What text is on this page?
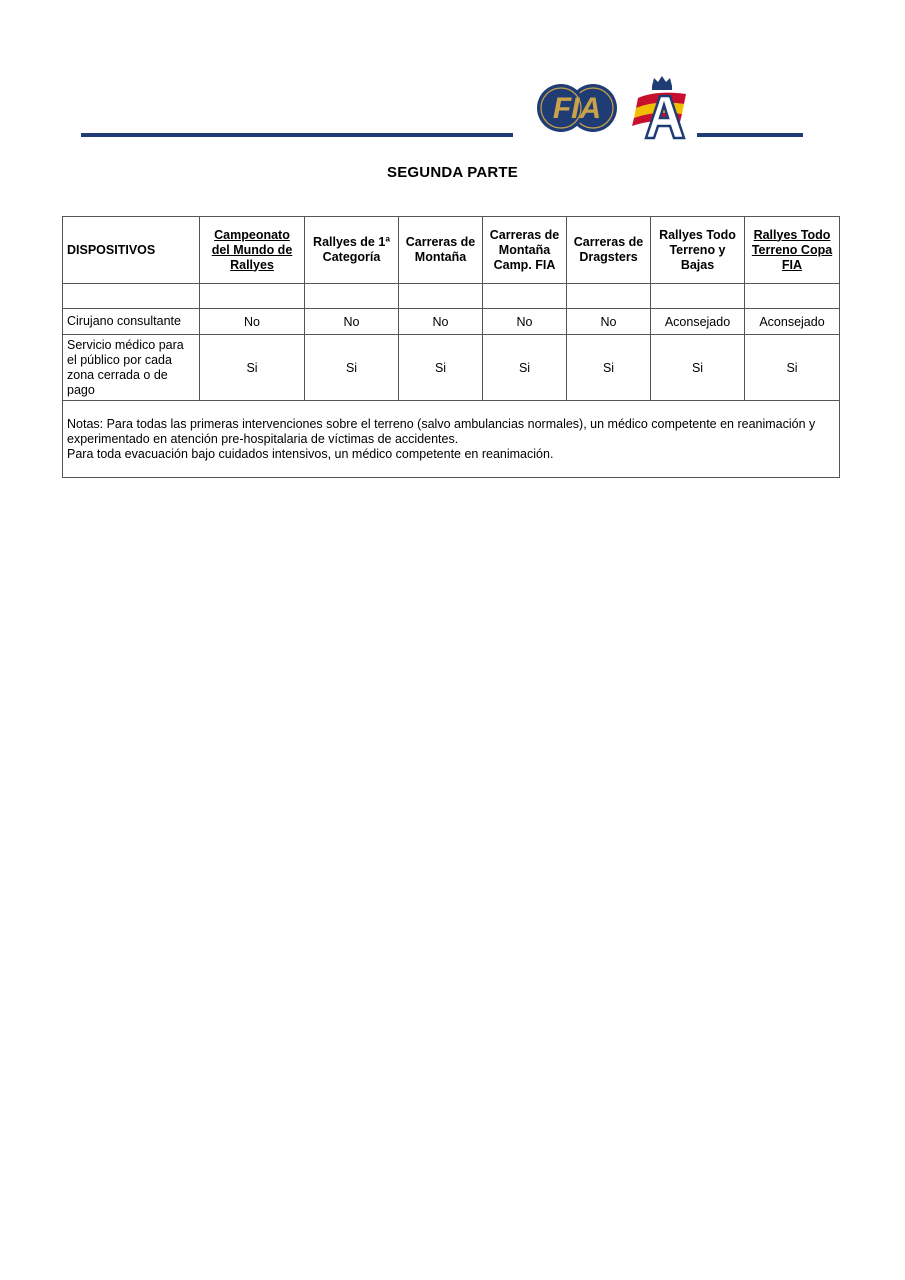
FIA
SEGUNDA PARTE
DISPOSITIVOS	Campeonato del Mundo de Rallyes	Rallyes de 1ª Categoría	Carreras de Montaña	Carreras de Montaña Camp. FIA	Carreras de Dragsters	Rallyes Todo Terreno y Bajas	Rallyes Todo Terreno Copa FIA

Cirujano consultante	No	No	No	No	No	Aconsejado	Aconsejado
Servicio médico para el público por cada zona cerrada o de pago	Si	Si	Si	Si	Si	Si	Si

Notas: Para todas las primeras intervenciones sobre el terreno (salvo ambulancias normales), un médico competente en reanimación y experimentado en atención pre-hospitalaria de víctimas de accidentes.
Para toda evacuación bajo cuidados intensivos, un médico competente en reanimación.							
